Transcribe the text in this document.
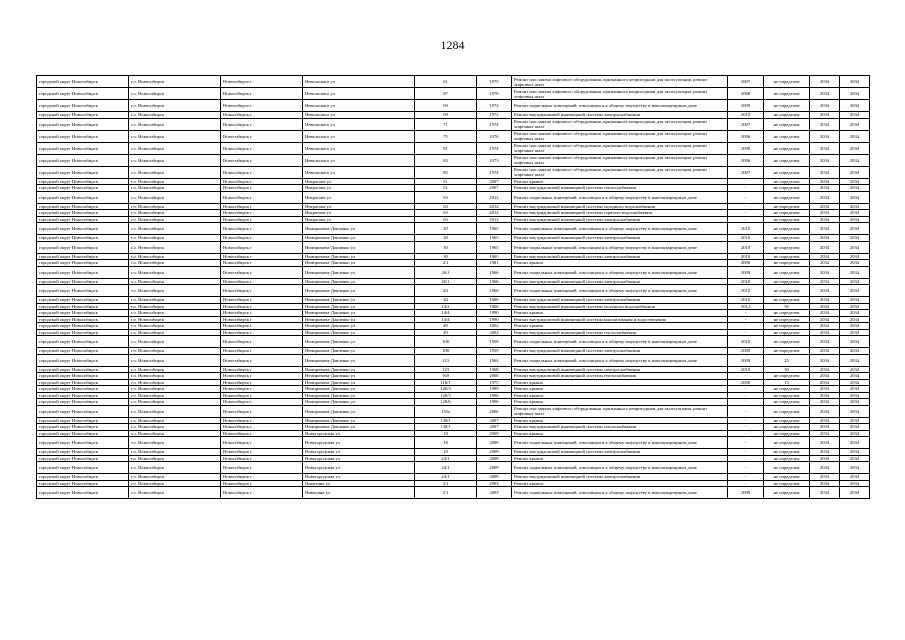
1284
городской округ Новосибирск	г.о. Новосибирск	Новосибирск г	Невельского ул	61	1975	Ремонт или замена лифтового оборудования, признанного непригодным для эксплуатации, ремонт лифтовых шахт	2007	не определен	2034	2034
городской округ Новосибирск	г.о. Новосибирск	Новосибирск г	Невельского ул	67	1970	Ремонт или замена лифтового оборудования, признанного непригодным для эксплуатации, ремонт лифтовых шахт	2008	не определен	2034	2034
городской округ Новосибирск	г.о. Новосибирск	Новосибирск г	Невельского ул	69	1972	Ремонт подвальных помещений, относящихся к общему имуществу в многоквартирном доме	2009	не определен	2034	2034
городской округ Новосибирск	г.о. Новосибирск	Новосибирск г	Невельского ул	69	1972	Ремонт внутридомовой инженерной системы электроснабжения	2010	не определен	2034	2034
городской округ Новосибирск	г.о. Новосибирск	Новосибирск г	Невельского ул	71	1974	Ремонт или замена лифтового оборудования, признанного непригодным для эксплуатации, ремонт лифтовых шахт	2007	не определен	2034	2034
городской округ Новосибирск	г.о. Новосибирск	Новосибирск г	Невельского ул	75	1976	Ремонт или замена лифтового оборудования, признанного непригодным для эксплуатации, ремонт лифтовых шахт	2006	не определен	2034	2034
городской округ Новосибирск	г.о. Новосибирск	Новосибирск г	Невельского ул	81	1974	Ремонт или замена лифтового оборудования, признанного непригодным для эксплуатации, ремонт лифтовых шахт	2008	не определен	2034	2034
городской округ Новосибирск	г.о. Новосибирск	Новосибирск г	Невельского ул	83	1973	Ремонт или замена лифтового оборудования, признанного непригодным для эксплуатации, ремонт лифтовых шахт	2006	не определен	2034	2034
городской округ Новосибирск	г.о. Новосибирск	Новосибирск г	Невельского ул	85	1974	Ремонт или замена лифтового оборудования, признанного непригодным для эксплуатации, ремонт лифтовых шахт	2007	не определен	2034	2034
городской округ Новосибирск	г.о. Новосибирск	Новосибирск г	Некрасова ул	51	2007	Ремонт крыши	-	не определен	2034	2034
городской округ Новосибирск	г.о. Новосибирск	Новосибирск г	Некрасова ул	51	2007	Ремонт внутридомовой инженерной системы теплоснабжения	-	не определен	2034	2034
городской округ Новосибирск	г.о. Новосибирск	Новосибирск г	Некрасова ул	63	2012	Ремонт подвальных помещений, относящихся к общему имуществу в многоквартирном доме	-	не определен	2034	2034
городской округ Новосибирск	г.о. Новосибирск	Новосибирск г	Некрасова ул	63	2012	Ремонт внутридомовой инженерной системы холодного водоснабжения	-	не определен	2034	2034
городской округ Новосибирск	г.о. Новосибирск	Новосибирск г	Некрасова ул	63	2012	Ремонт внутридомовой инженерной системы горячего водоснабжения	-	не определен	2034	2034
городской округ Новосибирск	г.о. Новосибирск	Новосибирск г	Некрасова ул	63	2012	Ремонт внутридомовой инженерной системы электроснабжения	-	не определен	2034	2034
городской округ Новосибирск	г.о. Новосибирск	Новосибирск г	Немировича-Данченко ул	20	1965	Ремонт подвальных помещений, относящихся к общему имуществу в многоквартирном доме	2010	не определен	2034	2034
городской округ Новосибирск	г.о. Новосибирск	Новосибирск г	Немировича-Данченко ул	20	1965	Ремонт внутридомовой инженерной системы электроснабжения	2010	не определен	2034	2034
городской округ Новосибирск	г.о. Новосибирск	Новосибирск г	Немировича-Данченко ул	30	1965	Ремонт подвальных помещений, относящихся к общему имуществу в многоквартирном доме	2010	не определен	2034	2034
городской округ Новосибирск	г.о. Новосибирск	Новосибирск г	Немировича-Данченко ул	30	1965	Ремонт внутридомовой инженерной системы электроснабжения	2010	не определен	2034	2034
городской округ Новосибирск	г.о. Новосибирск	Новосибирск г	Немировича-Данченко ул	2/1	1981	Ремонт крыши	2008	не определен	2034	2034
городской округ Новосибирск	г.о. Новосибирск	Новосибирск г	Немировича-Данченко ул	26/1	1966	Ремонт подвальных помещений, относящихся к общему имуществу в многоквартирном доме	2009	не определен	2034	2034
городской округ Новосибирск	г.о. Новосибирск	Новосибирск г	Немировича-Данченко ул	26/1	1966	Ремонт внутридомовой инженерной системы электроснабжения	2010	не определен	2034	2034
городской округ Новосибирск	г.о. Новосибирск	Новосибирск г	Немировича-Данченко ул	4/2	1966	Ремонт подвальных помещений, относящихся к общему имуществу в многоквартирном доме	2010	не определен	2034	2034
городской округ Новосибирск	г.о. Новосибирск	Новосибирск г	Немировича-Данченко ул	4/2	1966	Ремонт внутридомовой инженерной системы электроснабжения	2010	не определен	2034	2034
городской округ Новосибирск	г.о. Новосибирск	Новосибирск г	Немировича-Данченко ул	14/2	1966	Ремонт внутридомовой инженерной системы холодного водоснабжения	2012	50	2034	2034
городской округ Новосибирск	г.о. Новосибирск	Новосибирск г	Немировича-Данченко ул	14/4	1990	Ремонт крыши	-	не определен	2034	2034
городской округ Новосибирск	г.о. Новосибирск	Новосибирск г	Немировича-Данченко ул	14/4	1990	Ремонт внутридомовой инженерной системы канализования и водоотведения	-	не определен	2034	2034
городской округ Новосибирск	г.о. Новосибирск	Новосибирск г	Немировича-Данченко ул	49	2002	Ремонт крыши	-	не определен	2034	2034
городской округ Новосибирск	г.о. Новосибирск	Новосибирск г	Немировича-Данченко ул	49	2002	Ремонт внутридомовой инженерной системы теплоснабжения	-	не определен	2034	2034
городской округ Новосибирск	г.о. Новосибирск	Новосибирск г	Немировича-Данченко ул	108	1958	Ремонт подвальных помещений, относящихся к общему имуществу в многоквартирном доме	2010	не определен	2034	2034
городской округ Новосибирск	г.о. Новосибирск	Новосибирск г	Немировича-Данченко ул	108	1959	Ремонт внутридомовой инженерной системы электроснабжения	2009	не определен	2034	2034
городской округ Новосибирск	г.о. Новосибирск	Новосибирск г	Немировича-Данченко ул	123	1964	Ремонт подвальных помещений, относящихся к общему имуществу в многоквартирном доме	2009	25	2034	2034
городской округ Новосибирск	г.о. Новосибирск	Новосибирск г	Немировича-Данченко ул	123	1968	Ремонт внутридомовой инженерной системы электроснабжения	2010	30	2034	2034
городской округ Новосибирск	г.о. Новосибирск	Новосибирск г	Немировича-Данченко ул	169	2000	Ремонт внутридомовой инженерной системы теплоснабжения	-	не определен	2034	2034
городской округ Новосибирск	г.о. Новосибирск	Новосибирск г	Немировича-Данченко ул	116/1	1975	Ремонт крыши	2006	15	2034	2034
городской округ Новосибирск	г.о. Новосибирск	Новосибирск г	Немировича-Данченко ул	120/3	1989	Ремонт крыши	-	не определен	2034	2034
городской округ Новосибирск	г.о. Новосибирск	Новосибирск г	Немировича-Данченко ул	120/5	1996	Ремонт крыши	-	не определен	2034	2034
городской округ Новосибирск	г.о. Новосибирск	Новосибирск г	Немировича-Данченко ул	120/6	1996	Ремонт крыши	-	не определен	2034	2034
городской округ Новосибирск	г.о. Новосибирск	Новосибирск г	Немировича-Данченко ул	155а	2006	Ремонт или замена лифтового оборудования, признанного непригодным для эксплуатации, ремонт лифтовых шахт	-	не определен	2034	2034
городской округ Новосибирск	г.о. Новосибирск	Новосибирск г	Немировича-Данченко ул	138/1	2007	Ремонт крыши	-	не определен	2034	2034
городской округ Новосибирск	г.о. Новосибирск	Новосибирск г	Немировича-Данченко ул	138/1	2007	Ремонт внутридомовой инженерной системы теплоснабжения	-	не определен	2034	2034
городской округ Новосибирск	г.о. Новосибирск	Новосибирск г	Новогородская ул	18	2009	Ремонт крыши	-	не определен	2034	2034
городской округ Новосибирск	г.о. Новосибирск	Новосибирск г	Новогородская ул	18	2009	Ремонт подвальных помещений, относящихся к общему имуществу в многоквартирном доме	-	не определен	2034	2034
городской округ Новосибирск	г.о. Новосибирск	Новосибирск г	Новогородская ул	18	2009	Ремонт внутридомовой инженерной системы электроснабжения	-	не определен	2034	2034
городской округ Новосибирск	г.о. Новосибирск	Новосибирск г	Новогородская ул	24/1	2009	Ремонт крыши	-	не определен	2034	2034
городской округ Новосибирск	г.о. Новосибирск	Новосибирск г	Новогородская ул	24/1	2009	Ремонт подвальных помещений, относящихся к общему имуществу в многоквартирном доме	-	не определен	2034	2034
городской округ Новосибирск	г.о. Новосибирск	Новосибирск г	Новогородская ул	24/1	2009	Ремонт внутридомовой инженерной системы электроснабжения	-	не определен	2034	2034
городской округ Новосибирск	г.о. Новосибирск	Новосибирск г	Никитина ул	2/1	2003	Ремонт крыши	-	не определен	2034	2034
городской округ Новосибирск	г.о. Новосибирск	Новосибирск г	Никитина ул	2/1	2003	Ремонт подвальных помещений, относящихся к общему имуществу в многоквартирном доме	2009	не определен	2034	2034
